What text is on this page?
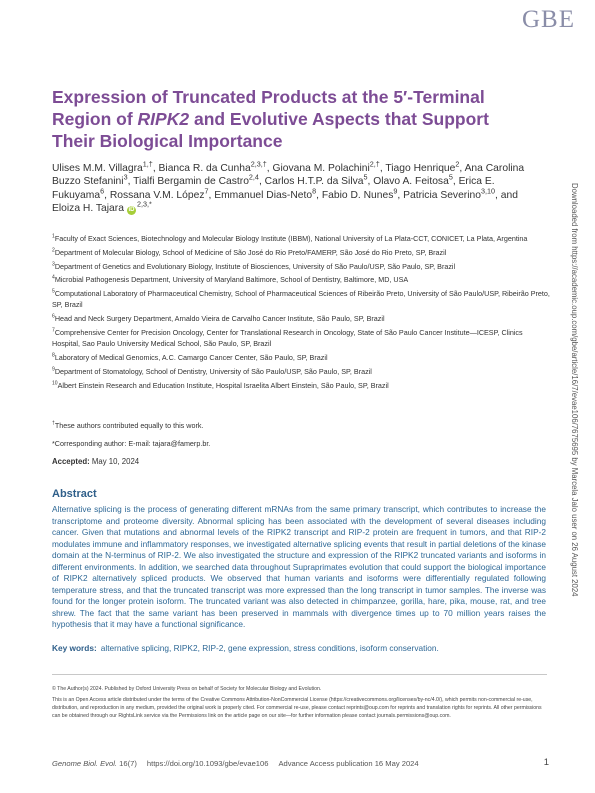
GBE
Expression of Truncated Products at the 5′-Terminal Region of RIPK2 and Evolutive Aspects that Support Their Biological Importance
Ulises M.M. Villagra$^{1,\dagger}$, Bianca R. da Cunha$^{2,3,\dagger}$, Giovana M. Polachini$^{2,\dagger}$, Tiago Henrique$^2$, Ana Carolina Buzzo Stefanini$^3$, Tialfi Bergamin de Castro$^{2,4}$, Carlos H.T.P. da Silva$^5$, Olavo A. Feitosa$^5$, Erica E. Fukuyama$^6$, Rossana V.M. López$^7$, Emmanuel Dias-Neto$^8$, Fabio D. Nunes$^9$, Patricia Severino$^{3,10}$, and Eloiza H. Tajara $iD^{2,3,*}$
$^1$Faculty of Exact Sciences, Biotechnology and Molecular Biology Institute (IBBM), National University of La Plata-CCT, CONICET, La Plata, Argentina
$^2$Department of Molecular Biology, School of Medicine of São José do Rio Preto/FAMERP, São José do Rio Preto, SP, Brazil
$^3$Department of Genetics and Evolutionary Biology, Institute of Biosciences, University of São Paulo/USP, São Paulo, SP, Brazil
$^4$Microbial Pathogenesis Department, University of Maryland Baltimore, School of Dentistry, Baltimore, MD, USA
$^5$Computational Laboratory of Pharmaceutical Chemistry, School of Pharmaceutical Sciences of Ribeirão Preto, University of São Paulo/USP, Ribeirão Preto, SP, Brazil
$^6$Head and Neck Surgery Department, Arnaldo Vieira de Carvalho Cancer Institute, São Paulo, SP, Brazil
$^7$Comprehensive Center for Precision Oncology, Center for Translational Research in Oncology, State of São Paulo Cancer Institute—ICESP, Clinics Hospital, Sao Paulo University Medical School, São Paulo, SP, Brazil
$^8$Laboratory of Medical Genomics, A.C. Camargo Cancer Center, São Paulo, SP, Brazil
$^9$Department of Stomatology, School of Dentistry, University of São Paulo/USP, São Paulo, SP, Brazil
$^{10}$Albert Einstein Research and Education Institute, Hospital Israelita Albert Einstein, São Paulo, SP, Brazil
†These authors contributed equally to this work.
*Corresponding author: E-mail: tajara@famerp.br.
Accepted: May 10, 2024
Abstract
Alternative splicing is the process of generating different mRNAs from the same primary transcript, which contributes to increase the transcriptome and proteome diversity. Abnormal splicing has been associated with the development of several diseases including cancer. Given that mutations and abnormal levels of the RIPK2 transcript and RIP-2 protein are frequent in tumors, and that RIP-2 modulates immune and inflammatory responses, we investigated alternative splicing events that result in partial deletions of the kinase domain at the N-terminus of RIP-2. We also investigated the structure and expression of the RIPK2 truncated variants and isoforms in different environments. In addition, we searched data throughout Supraprimates evolution that could support the biological importance of RIPK2 alternatively spliced products. We observed that human variants and isoforms were differentially regulated following temperature stress, and that the truncated transcript was more expressed than the long transcript in tumor samples. The inverse was found for the longer protein isoform. The truncated variant was also detected in chimpanzee, gorilla, hare, pika, mouse, rat, and tree shrew. The fact that the same variant has been preserved in mammals with divergence times up to 70 million years raises the hypothesis that it may have a functional significance.
Key words: alternative splicing, RIPK2, RIP-2, gene expression, stress conditions, isoform conservation.
© The Author(s) 2024. Published by Oxford University Press on behalf of Society for Molecular Biology and Evolution.
This is an Open Access article distributed under the terms of the Creative Commons Attribution-NonCommercial License (https://creativecommons.org/licenses/by-nc/4.0/), which permits non-commercial re-use, distribution, and reproduction in any medium, provided the original work is properly cited. For commercial re-use, please contact reprints@oup.com for reprints and translation rights for reprints. All other permissions can be obtained through our RightsLink service via the Permissions link on the article page on our site—for further information please contact journals.permissions@oup.com.
Genome Biol. Evol. 16(7) https://doi.org/10.1093/gbe/evae106 Advance Access publication 16 May 2024	1
Downloaded from https://academic.oup.com/gbe/article/16/7/evae106/7675695 by Marcela Jalo user on 26 August 2024
